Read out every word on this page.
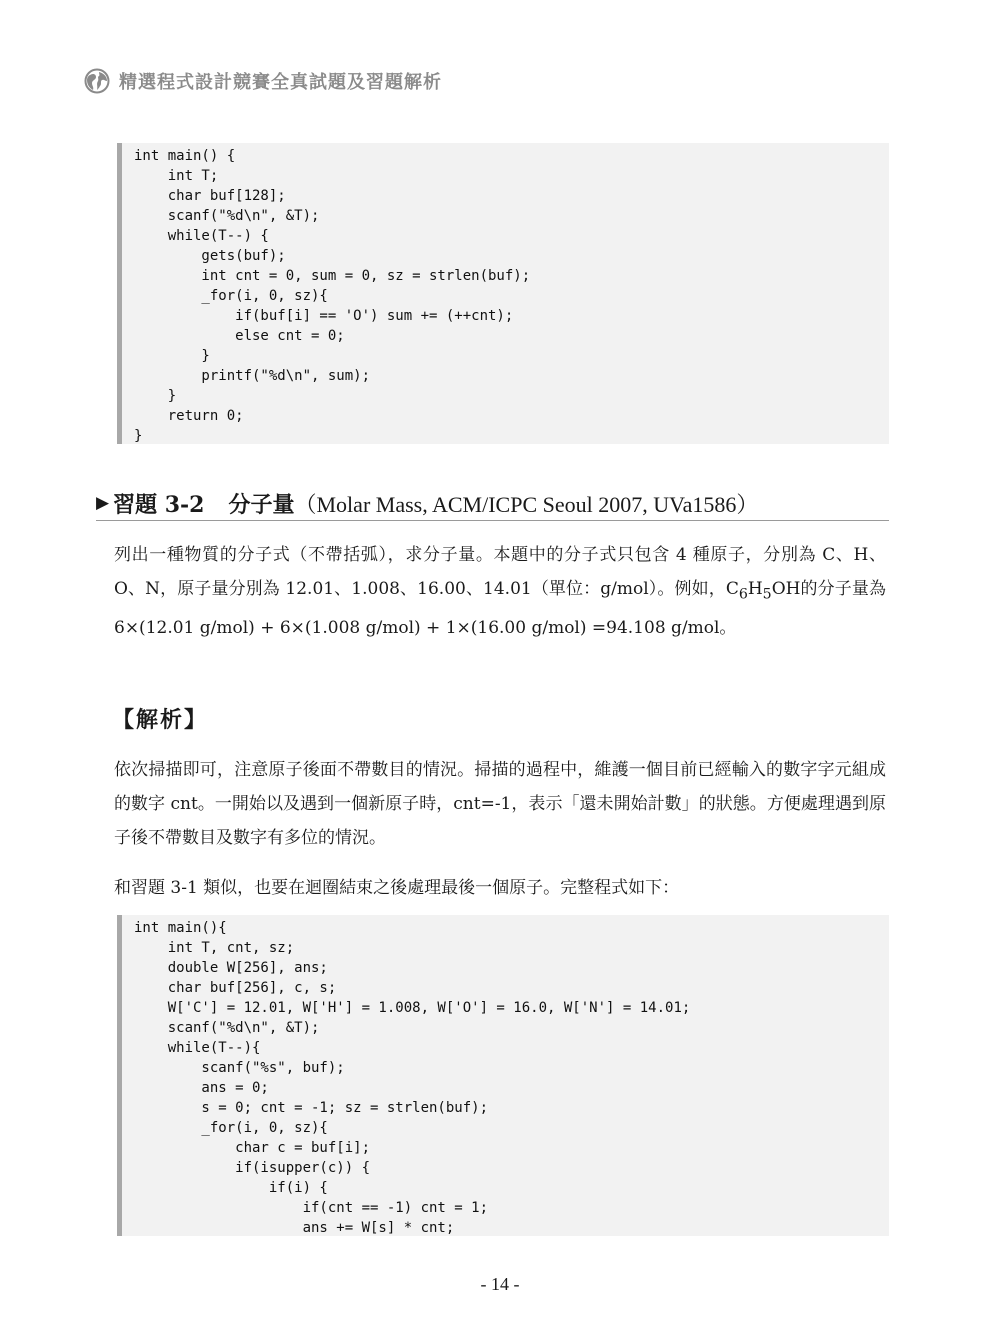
精選程式設計競賽全真試題及習題解析
int main() {
int T;
char buf[128];
scanf("%d\n", &T);
while(T--) {
gets(buf);
int cnt = 0, sum = 0, sz = strlen(buf);
_for(i, 0, sz){
if(buf[i] == 'O') sum += (++cnt);
else cnt = 0;
}
printf("%d\n", sum);
}
return 0;
}
▶ 習題 3-2 分子量 （Molar Mass, ACM/ICPC Seoul 2007, UVa1586）

列出一種物質的分子式（不帶括弧），求分子量。本題中的分子式只包含 4 種原子，分別為 C、H、O、N，原子量分別為 12.01、1.008、16.00、14.01（單位：g/mol）。例如，$C_6H_5OH$的分子量為 6×(12.01 g/mol) + 6×(1.008 g/mol) + 1×(16.00 g/mol) =94.108 g/mol。

【解析】

依次掃描即可，注意原子後面不帶數目的情況。掃描的過程中，維護一個目前已經輸入的數字字元組成的數字 cnt。一開始以及遇到一個新原子時，cnt=-1，表示「還未開始計數」的狀態。方便處理遇到原子後不帶數目及數字有多位的情況。

和習題 3-1 類似，也要在迴圈結束之後處理最後一個原子。完整程式如下：

int main(){
int T, cnt, sz;
double W[256], ans;
char buf[256], c, s;
W['C'] = 12.01, W['H'] = 1.008, W['O'] = 16.0, W['N'] = 14.01;
scanf("%d\n", &T);
while(T--){
scanf("%s", buf);
ans = 0;
s = 0; cnt = -1; sz = strlen(buf);
_for(i, 0, sz){
char c = buf[i];
if(isupper(c)) {
if(i) {
if(cnt == -1) cnt = 1;
ans += W[s] * cnt;
- 14 -
